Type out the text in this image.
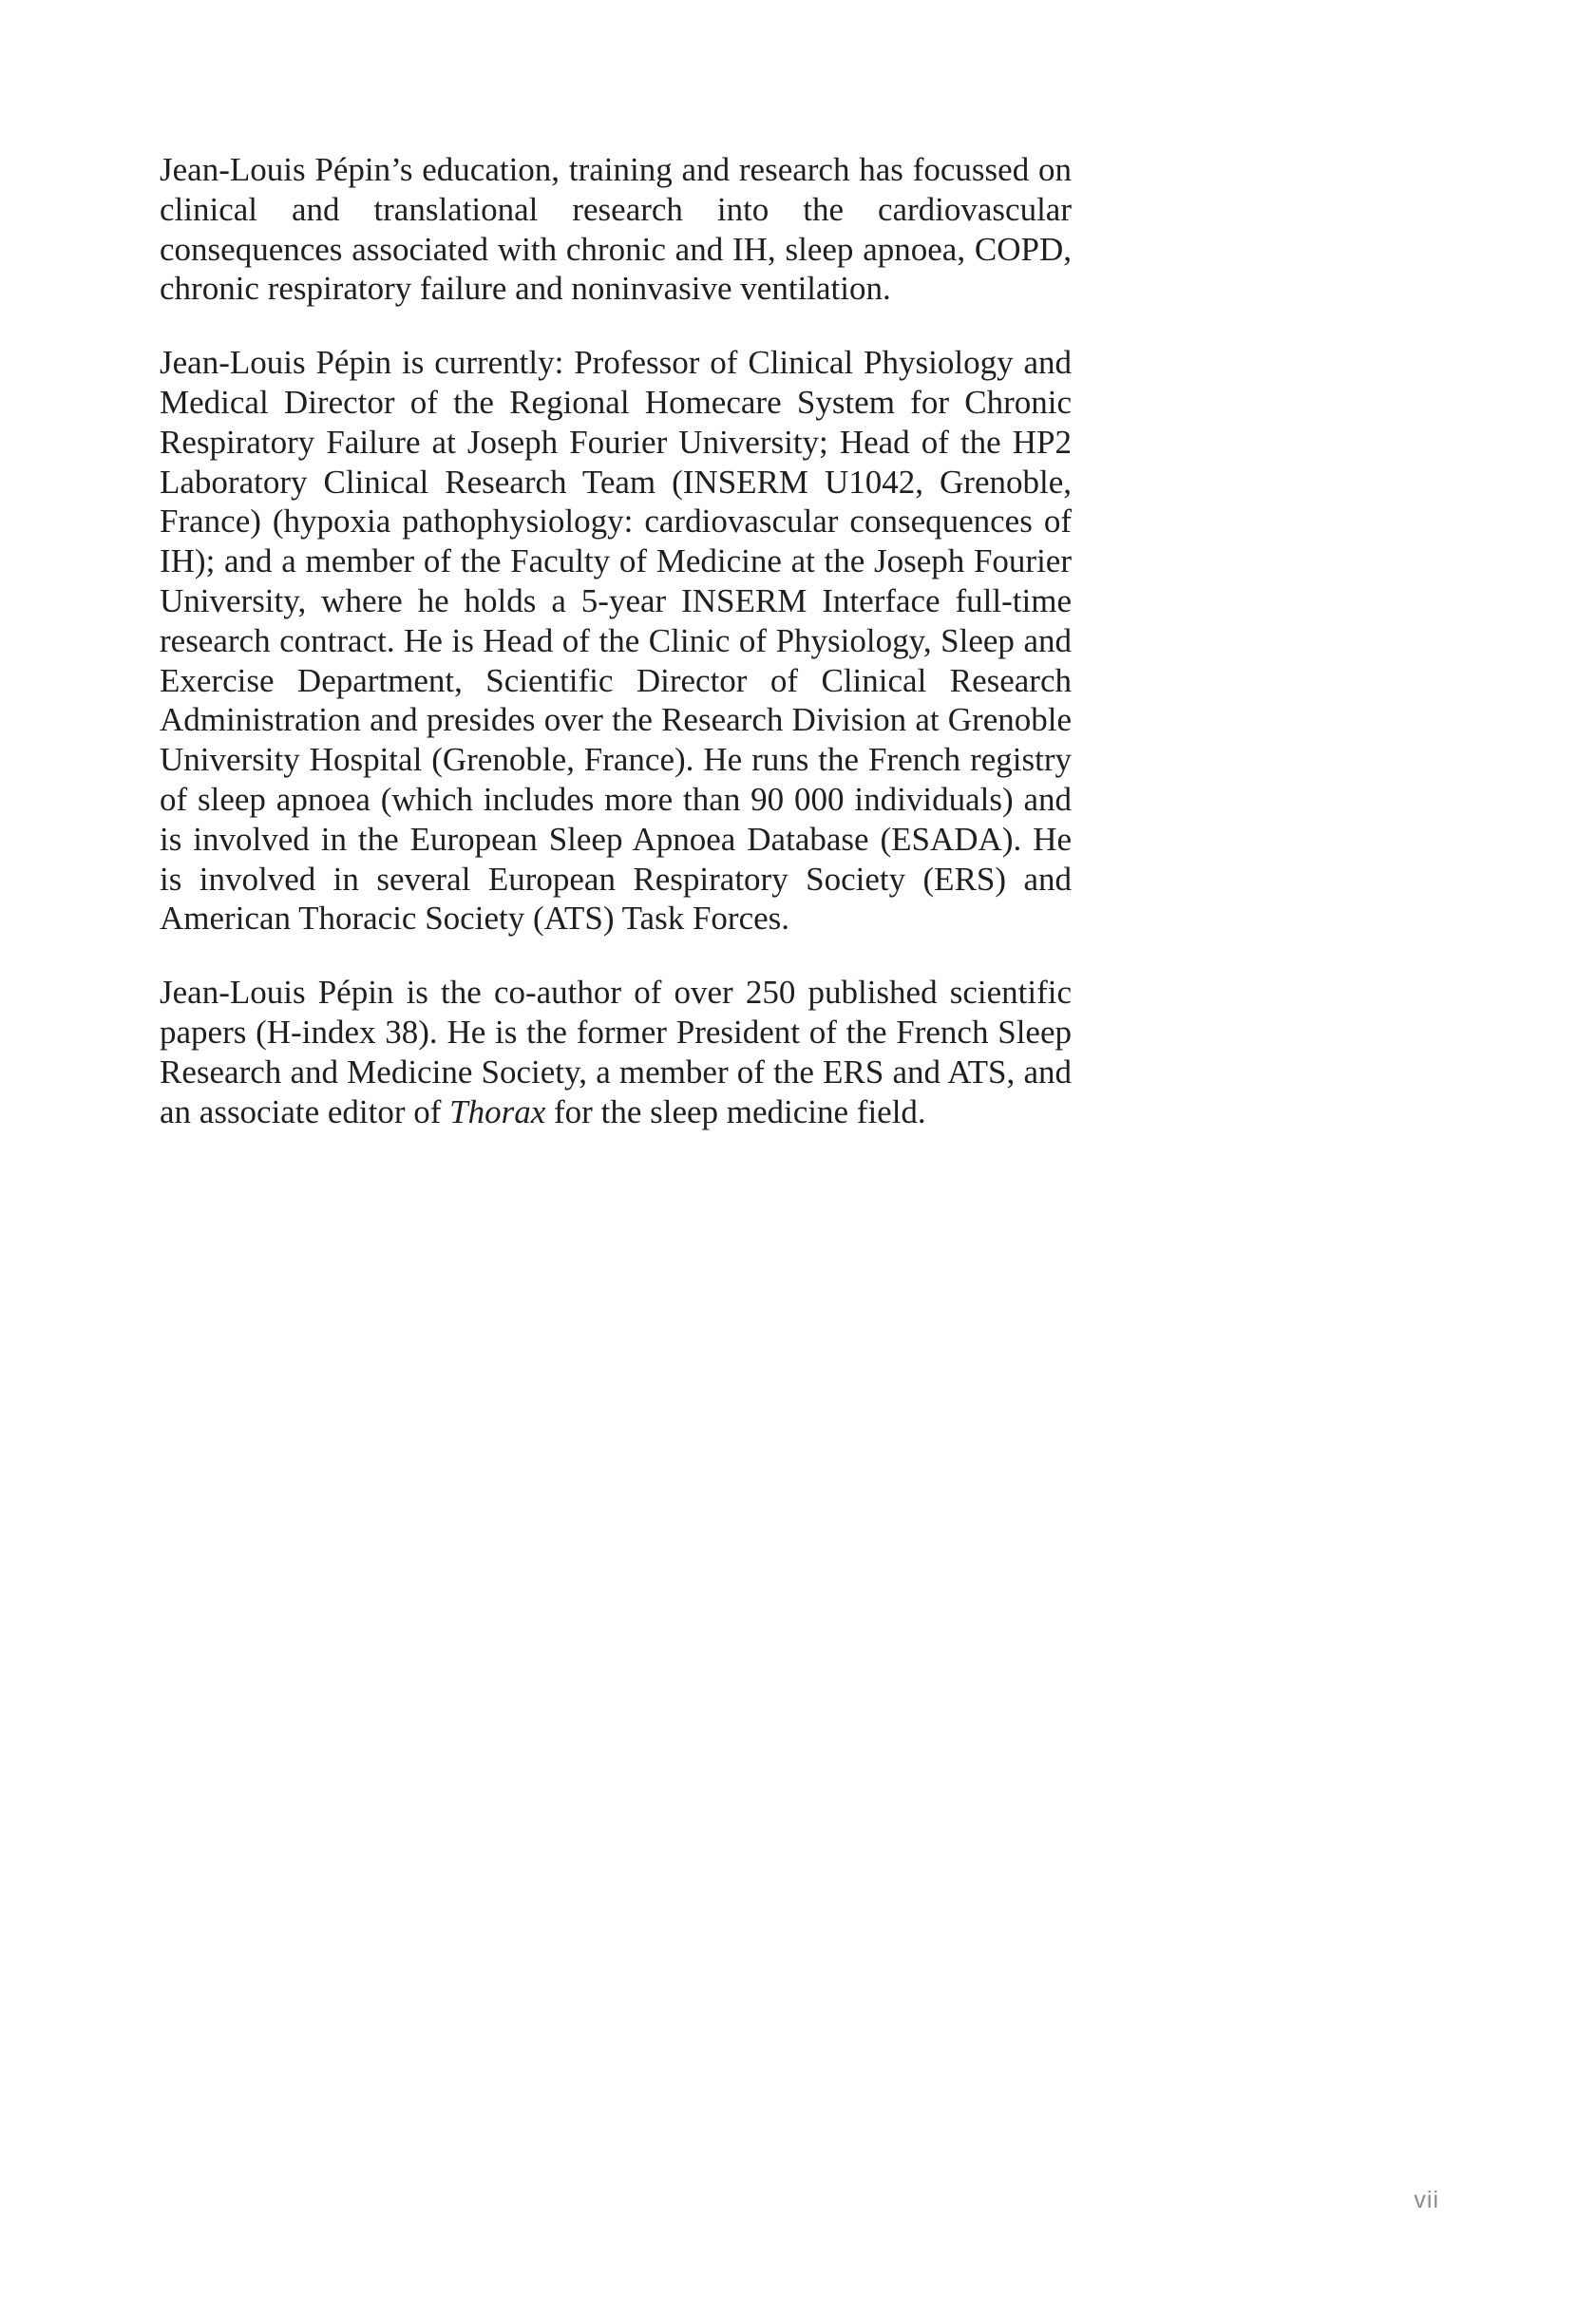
Jean-Louis Pépin’s education, training and research has focussed on clinical and translational research into the cardiovascular consequences associated with chronic and IH, sleep apnoea, COPD, chronic respiratory failure and noninvasive ventilation.

Jean-Louis Pépin is currently: Professor of Clinical Physiology and Medical Director of the Regional Homecare System for Chronic Respiratory Failure at Joseph Fourier University; Head of the HP2 Laboratory Clinical Research Team (INSERM U1042, Grenoble, France) (hypoxia pathophysiology: cardiovascular consequences of IH); and a member of the Faculty of Medicine at the Joseph Fourier University, where he holds a 5-year INSERM Interface full-time research contract. He is Head of the Clinic of Physiology, Sleep and Exercise Department, Scientific Director of Clinical Research Administration and presides over the Research Division at Grenoble University Hospital (Grenoble, France). He runs the French registry of sleep apnoea (which includes more than 90 000 individuals) and is involved in the European Sleep Apnoea Database (ESADA). He is involved in several European Respiratory Society (ERS) and American Thoracic Society (ATS) Task Forces.

Jean-Louis Pépin is the co-author of over 250 published scientific papers (H-index 38). He is the former President of the French Sleep Research and Medicine Society, a member of the ERS and ATS, and an associate editor of Thorax for the sleep medicine field.

vii
